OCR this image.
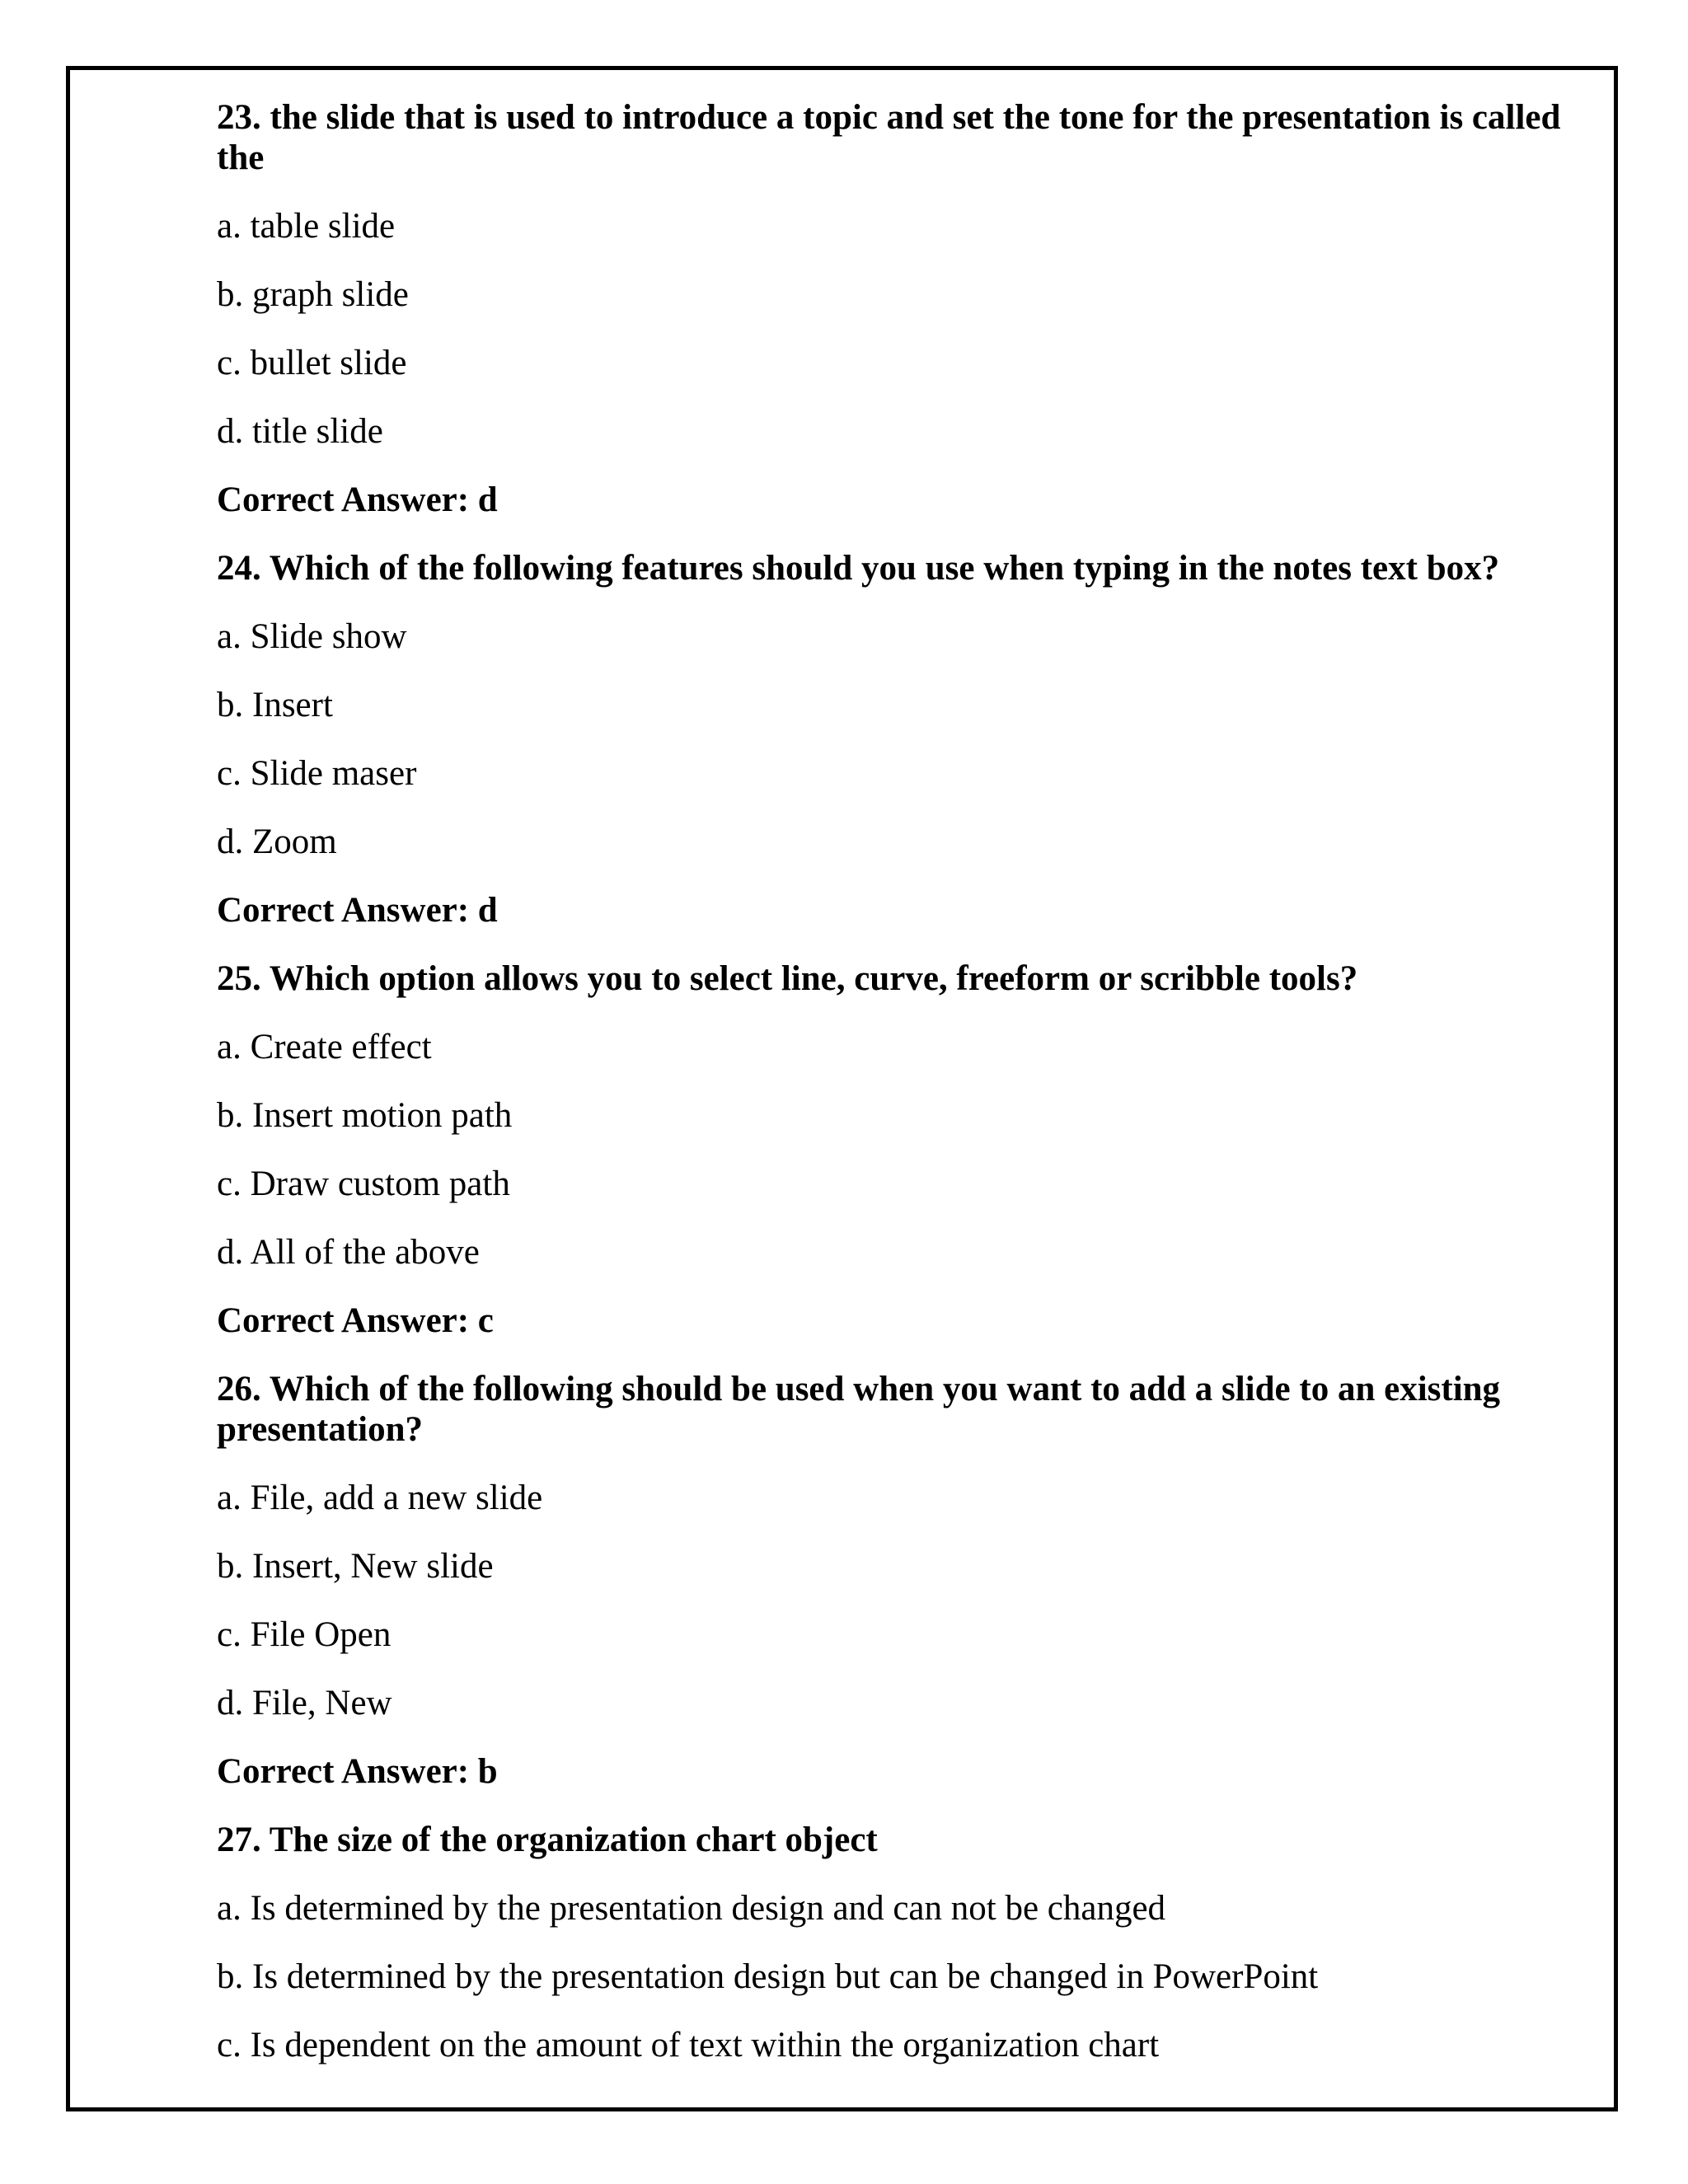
23. the slide that is used to introduce a topic and set the tone for the presentation is called the
a. table slide
b. graph slide
c. bullet slide
d. title slide
Correct Answer: d
24. Which of the following features should you use when typing in the notes text box?
a. Slide show
b. Insert
c. Slide maser
d. Zoom
Correct Answer: d
25. Which option allows you to select line, curve, freeform or scribble tools?
a. Create effect
b. Insert motion path
c. Draw custom path
d. All of the above
Correct Answer: c
26. Which of the following should be used when you want to add a slide to an existing presentation?
a. File, add a new slide
b. Insert, New slide
c. File Open
d. File, New
Correct Answer: b
27. The size of the organization chart object
a. Is determined by the presentation design and can not be changed
b. Is determined by the presentation design but can be changed in PowerPoint
c. Is dependent on the amount of text within the organization chart
